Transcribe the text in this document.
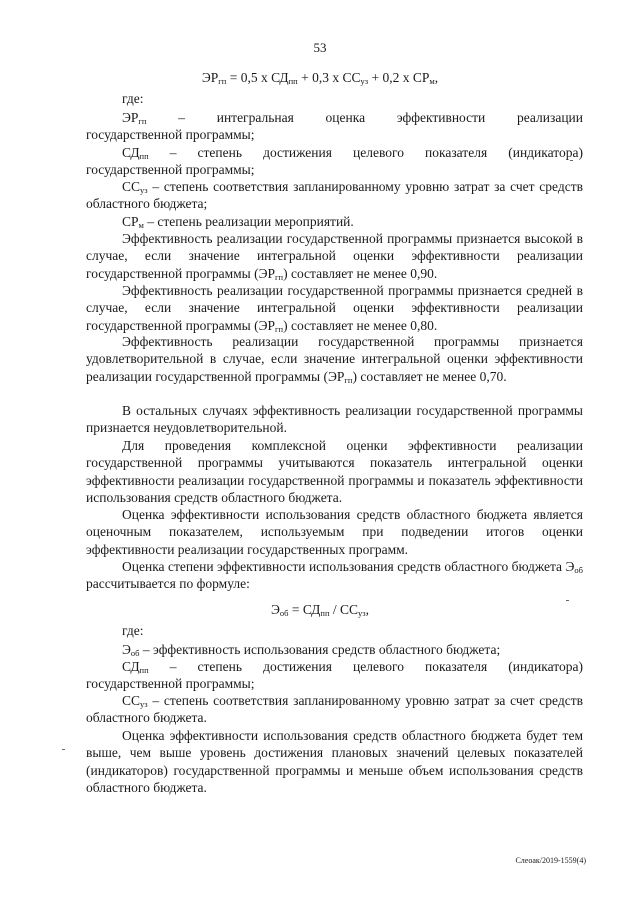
53
$ЭР_{гп} = 0,5$ х $СД_{пп} + 0,3$ х $СС_{уз} + 0,2$ х $СР_м$,
где:
$ЭР_{гп}$ – интегральная оценка эффективности реализации
государственной программы;
$СД_{пп}$ – степень достижения целевого показателя (индикатора)
государственной программы;
$СС_{уз}$ – степень соответствия запланированному уровню затрат за счет средств областного бюджета;
$СР_м$ – степень реализации мероприятий.
Эффективность реализации государственной программы признается высокой в случае, если значение интегральной оценки эффективности реализации государственной программы $(ЭР_{гп})$ составляет не менее 0,90.
Эффективность реализации государственной программы признается средней в случае, если значение интегральной оценки эффективности реализации государственной программы $(ЭР_{гп})$ составляет не менее 0,80.
Эффективность реализации государственной программы признается удовлетворительной в случае, если значение интегральной оценки эффективности реализации государственной программы $(ЭР_{гп})$ составляет не менее 0,70.
В остальных случаях эффективность реализации государственной программы признается неудовлетворительной.
Для проведения комплексной оценки эффективности реализации государственной программы учитываются показатель интегральной оценки эффективности реализации государственной программы и показатель эффективности использования средств областного бюджета.
Оценка эффективности использования средств областного бюджета является оценочным показателем, используемым при подведении итогов оценки эффективности реализации государственных программ.
Оценка степени эффективности использования средств областного бюджета $Э_{об}$ рассчитывается по формуле:
$Э_{об} = СД_{пп} / СС_{уз}$,
где:
$Э_{об}$ – эффективность использования средств областного бюджета;
$СД_{пп}$ – степень достижения целевого показателя (индикатора)
государственной программы;
$СС_{уз}$ – степень соответствия запланированному уровню затрат за счет средств областного бюджета.
Оценка эффективности использования средств областного бюджета будет тем выше, чем выше уровень достижения плановых значений целевых показателей (индикаторов) государственной программы и меньше объем использования средств областного бюджета.
Слеоак/2019-1559(4)
